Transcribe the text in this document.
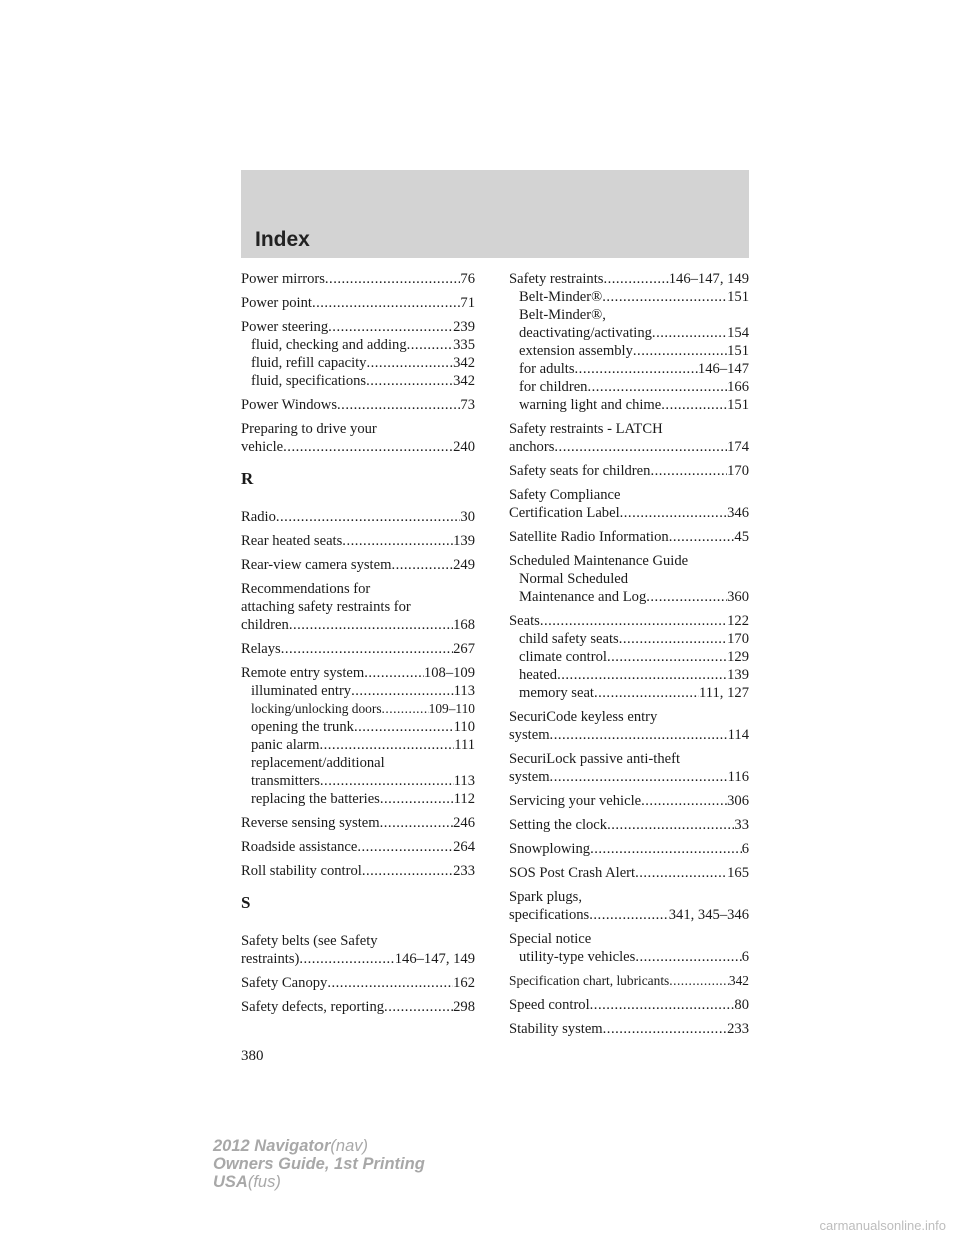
Index
Power mirrors .....	76
Power point .....	71
Power steering .....	239
fluid, checking and adding .....	335
fluid, refill capacity .....	342
fluid, specifications .....	342
Power Windows .....	73
Preparing to drive your
vehicle .....	240
R
Radio .....	30
Rear heated seats .....	139
Rear-view camera system .....	249
Recommendations for
attaching safety restraints for
children .....	168
Relays .....	267
Remote entry system .....	108–109
illuminated entry .....	113
locking/unlocking doors .....	109–110
opening the trunk .....	110
panic alarm .....	111
replacement/additional
transmitters .....	113
replacing the batteries .....	112
Reverse sensing system .....	246
Roadside assistance .....	264
Roll stability control .....	233
S
Safety belts (see Safety
restraints) .....	146–147, 149
Safety Canopy .....	162
Safety defects, reporting .....	298
Safety restraints .....	146–147, 149
Belt-Minder® .....	151
Belt-Minder®,
deactivating/activating .....	154
extension assembly .....	151
for adults .....	146–147
for children .....	166
warning light and chime .....	151
Safety restraints - LATCH
anchors .....	174
Safety seats for children .....	170
Safety Compliance
Certification Label .....	346
Satellite Radio Information .....	45
Scheduled Maintenance Guide
Normal Scheduled
Maintenance and Log .....	360
Seats .....	122
child safety seats .....	170
climate control .....	129
heated .....	139
memory seat .....	111, 127
SecuriCode keyless entry
system .....	114
SecuriLock passive anti-theft
system .....	116
Servicing your vehicle .....	306
Setting the clock .....	33
Snowplowing .....	6
SOS Post Crash Alert .....	165
Spark plugs,
specifications .....	341, 345–346
Special notice
utility-type vehicles .....	6
Specification chart, lubricants .....	342
Speed control .....	80
Stability system .....	233
380
2012 Navigator(nav)
Owners Guide, 1st Printing
USA(fus)
carmanualsonline.info
